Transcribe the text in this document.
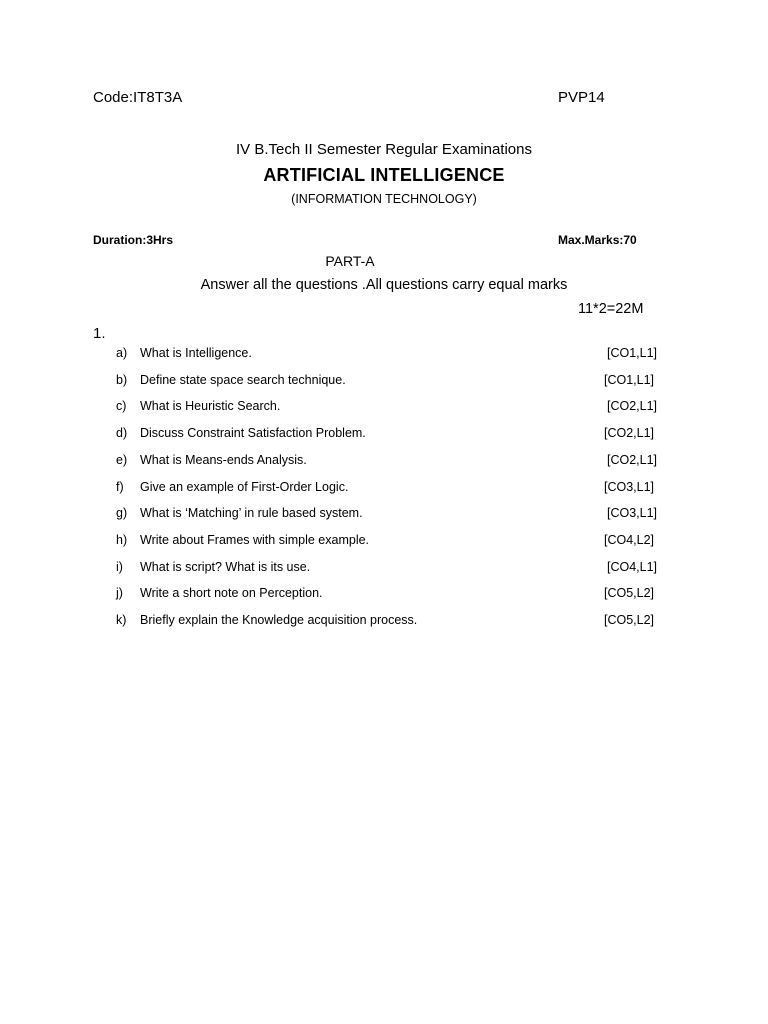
Code:IT8T3A	PVP14
IV B.Tech II Semester Regular Examinations
ARTIFICIAL INTELLIGENCE
(INFORMATION TECHNOLOGY)
Duration:3Hrs	Max.Marks:70
PART-A
Answer all the questions .All questions carry equal marks
11*2=22M
1.
a) What is Intelligence.	[CO1,L1]
b) Define state space search technique.	[CO1,L1]
c) What is Heuristic Search.	[CO2,L1]
d) Discuss Constraint Satisfaction Problem.	[CO2,L1]
e) What is Means-ends Analysis.	[CO2,L1]
f) Give an example of First-Order Logic.	[CO3,L1]
g) What is ‘Matching’ in rule based system.	[CO3,L1]
h) Write about Frames with simple example.	[CO4,L2]
i) What is script? What is its use.	[CO4,L1]
j) Write a short note on Perception.	[CO5,L2]
k) Briefly explain the Knowledge acquisition process.	[CO5,L2]
